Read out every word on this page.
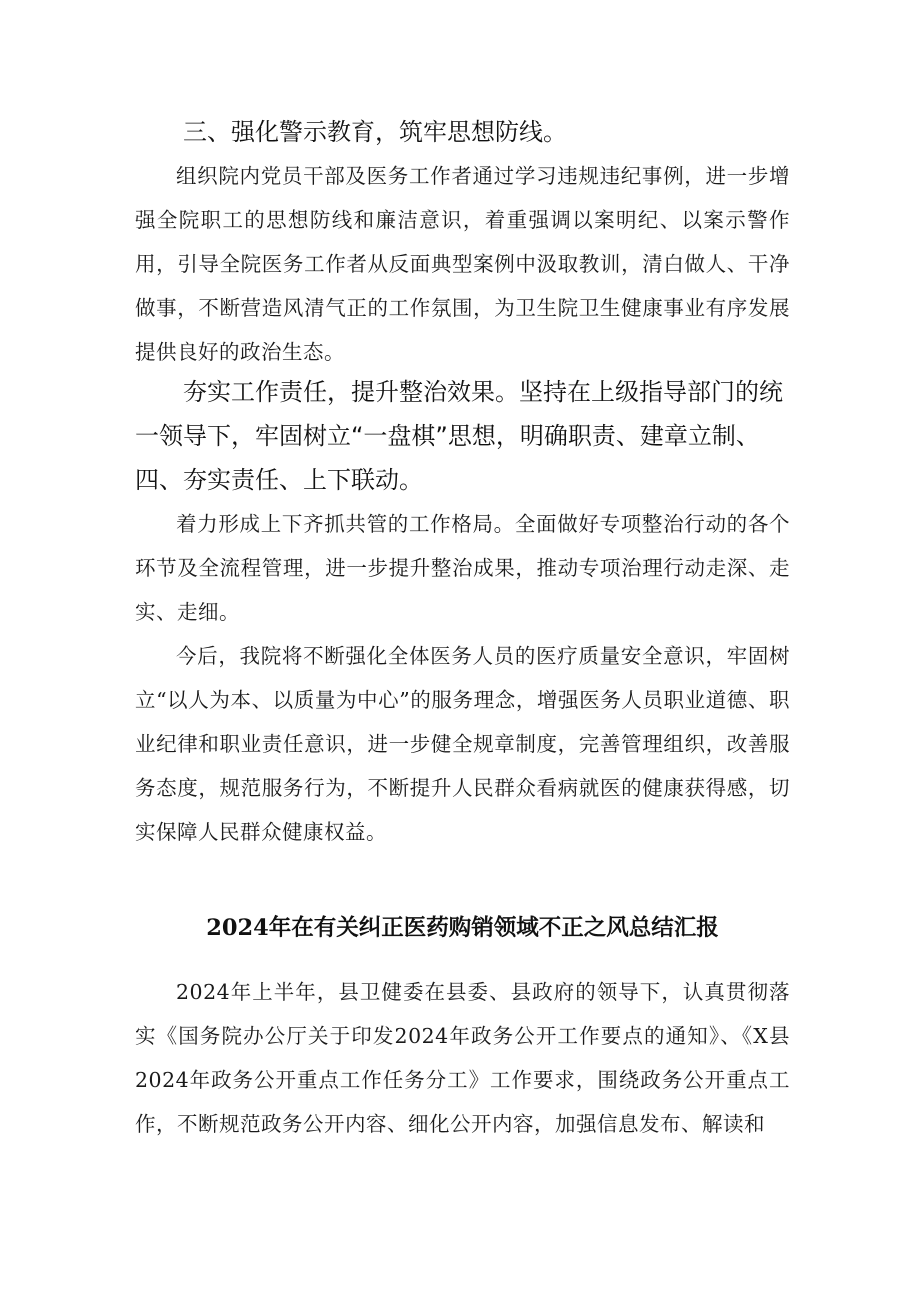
三、强化警示教育，筑牢思想防线。

组织院内党员干部及医务工作者通过学习违规违纪事例，进一步增强全院职工的思想防线和廉洁意识，着重强调以案明纪、以案示警作用，引导全院医务工作者从反面典型案例中汲取教训，清白做人、干净做事，不断营造风清气正的工作氛围，为卫生院卫生健康事业有序发展提供良好的政治生态。

夯实工作责任，提升整治效果。坚持在上级指导部门的统一领导下，牢固树立“一盘棋”思想，明确职责、建章立制、四、夯实责任、上下联动。

着力形成上下齐抓共管的工作格局。全面做好专项整治行动的各个环节及全流程管理，进一步提升整治成果，推动专项治理行动走深、走实、走细。

今后，我院将不断强化全体医务人员的医疗质量安全意识，牢固树立“以人为本、以质量为中心”的服务理念，增强医务人员职业道德、职业纪律和职业责任意识，进一步健全规章制度，完善管理组织，改善服务态度，规范服务行为，不断提升人民群众看病就医的健康获得感，切实保障人民群众健康权益。

2024年在有关纠正医药购销领域不正之风总结汇报

2024年上半年，县卫健委在县委、县政府的领导下，认真贯彻落实《国务院办公厅关于印发2024年政务公开工作要点的通知》、《X县2024年政务公开重点工作任务分工》工作要求，围绕政务公开重点工作，不断规范政务公开内容、细化公开内容，加强信息发布、解读和
